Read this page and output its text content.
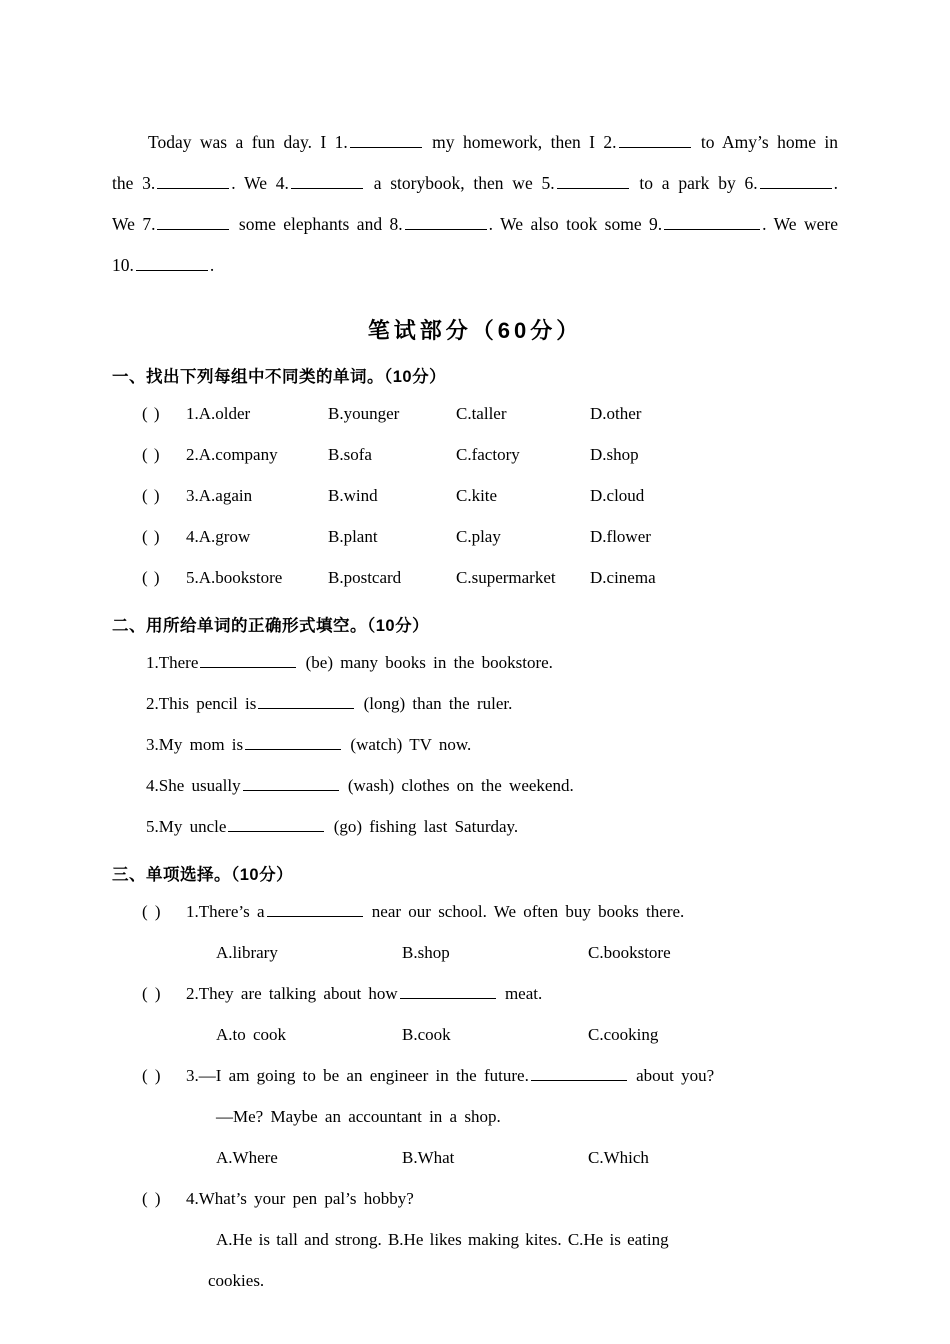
Today was a fun day. I 1.	my homework, then I 2.	to Amy’s home in the 3.	. We 4.	a storybook, then we 5.	to a park by 6.	. We 7.	some elephants and 8.	. We also took some 9.	. We were 10.	.

笔试部分（60分）
一、找出下列每组中不同类的单词。（10分）
( ) 1.A.older	B.younger	C.taller	D.other
( ) 2.A.company	B.sofa	C.factory	D.shop
( ) 3.A.again	B.wind	C.kite	D.cloud
( ) 4.A.grow	B.plant	C.play	D.flower
( ) 5.A.bookstore	B.postcard	C.supermarket D.cinema
二、用所给单词的正确形式填空。（10分）
1.There	(be) many books in the bookstore.
2.This pencil is	(long) than the ruler.
3.My mom is	(watch) TV now.
4.She usually	(wash) clothes on the weekend.
5.My uncle	(go) fishing last Saturday.
三、单项选择。（10分）
( ) 1.There’s a	near our school. We often buy books there.
A.library	B.shop	C.bookstore
( ) 2.They are talking about how	meat.
A.to cook	B.cook	C.cooking
( ) 3.—I am going to be an engineer in the future.	about you?
—Me? Maybe an accountant in a shop.
A.Where	B.What	C.Which
( ) 4.What’s your pen pal’s hobby?
A.He is tall and strong. B.He likes making kites. C.He is eating
cookies.
